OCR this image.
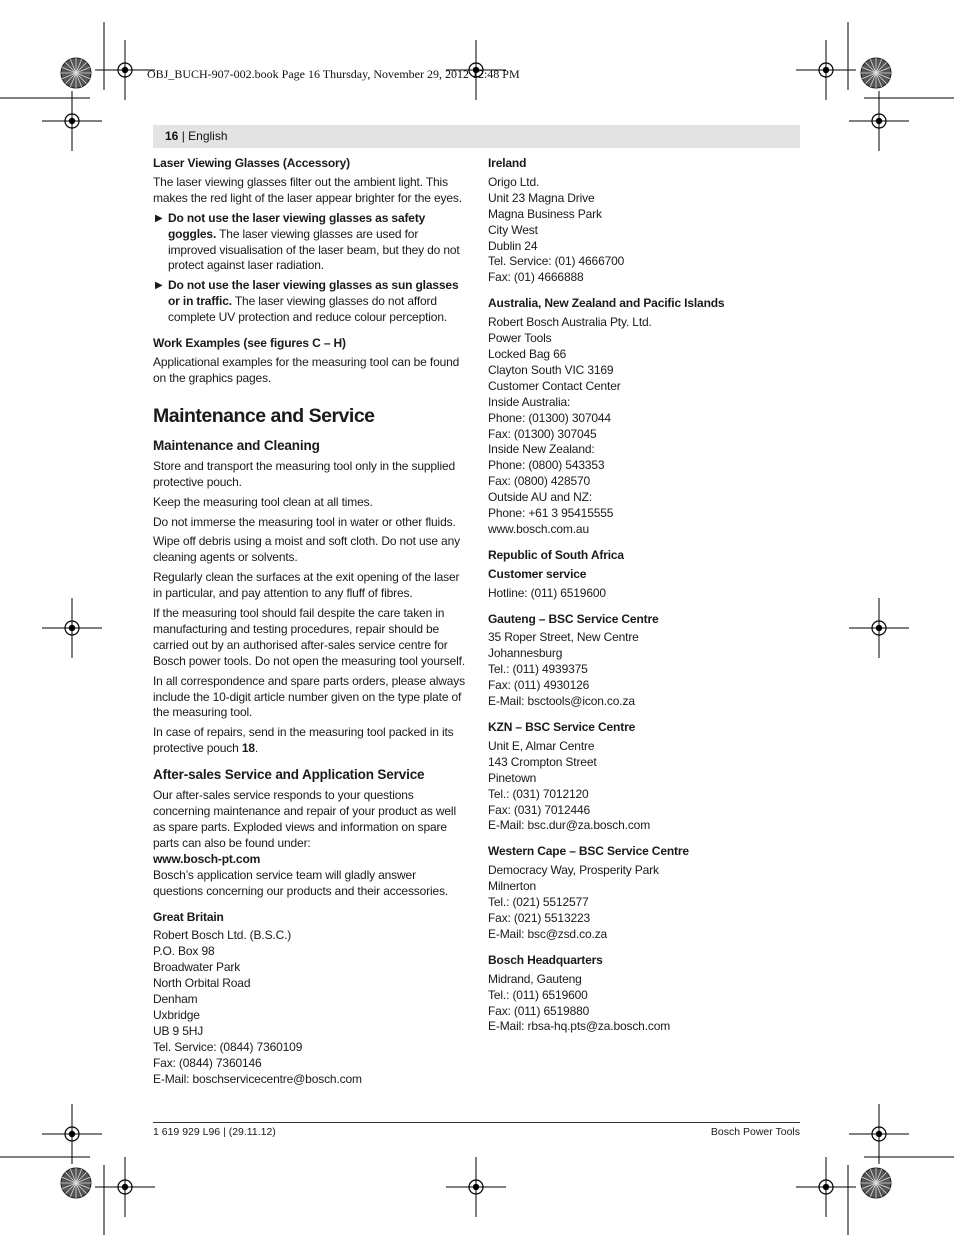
OBJ_BUCH-907-002.book Page 16 Thursday, November 29, 2012 12:48 PM
16 | English
Laser Viewing Glasses (Accessory)

The laser viewing glasses filter out the ambient light. This makes the red light of the laser appear brighter for the eyes.

▶ Do not use the laser viewing glasses as safety goggles. The laser viewing glasses are used for improved visualisation of the laser beam, but they do not protect against laser radiation.
▶ Do not use the laser viewing glasses as sun glasses or in traffic. The laser viewing glasses do not afford complete UV protection and reduce colour perception.
Work Examples (see figures C – H)

Applicational examples for the measuring tool can be found on the graphics pages.

Maintenance and Service
Maintenance and Cleaning

Store and transport the measuring tool only in the supplied protective pouch.

Keep the measuring tool clean at all times.

Do not immerse the measuring tool in water or other fluids.

Wipe off debris using a moist and soft cloth. Do not use any cleaning agents or solvents.

Regularly clean the surfaces at the exit opening of the laser in particular, and pay attention to any fluff of fibres.

If the measuring tool should fail despite the care taken in manufacturing and testing procedures, repair should be carried out by an authorised after-sales service centre for Bosch power tools. Do not open the measuring tool yourself.

In all correspondence and spare parts orders, please always include the 10-digit article number given on the type plate of the measuring tool.

In case of repairs, send in the measuring tool packed in its protective pouch 18.

After-sales Service and Application Service
Our after-sales service responds to your questions concerning maintenance and repair of your product as well as spare parts. Exploded views and information on spare parts can also be found under:
www.bosch-pt.com

Bosch’s application service team will gladly answer questions concerning our products and their accessories.

Great Britain
Robert Bosch Ltd. (B.S.C.)
P.O. Box 98
Broadwater Park
North Orbital Road
Denham
Uxbridge
UB 9 5HJ
Tel. Service: (0844) 7360109
Fax: (0844) 7360146
E-Mail: boschservicecentre@bosch.com
Ireland
Origo Ltd.
Unit 23 Magna Drive
Magna Business Park
City West
Dublin 24
Tel. Service: (01) 4666700
Fax: (01) 4666888
Australia, New Zealand and Pacific Islands
Robert Bosch Australia Pty. Ltd.
Power Tools
Locked Bag 66
Clayton South VIC 3169
Customer Contact Center
Inside Australia:
Phone: (01300) 307044
Fax: (01300) 307045
Inside New Zealand:
Phone: (0800) 543353
Fax: (0800) 428570
Outside AU and NZ:
Phone: +61 3 95415555
www.bosch.com.au
Republic of South Africa
Customer service
Hotline: (011) 6519600
Gauteng – BSC Service Centre
35 Roper Street, New Centre
Johannesburg
Tel.: (011) 4939375
Fax: (011) 4930126
E-Mail: bsctools@icon.co.za
KZN – BSC Service Centre
Unit E, Almar Centre
143 Crompton Street
Pinetown
Tel.: (031) 7012120
Fax: (031) 7012446
E-Mail: bsc.dur@za.bosch.com
Western Cape – BSC Service Centre
Democracy Way, Prosperity Park
Milnerton
Tel.: (021) 5512577
Fax: (021) 5513223
E-Mail: bsc@zsd.co.za
Bosch Headquarters
Midrand, Gauteng
Tel.: (011) 6519600
Fax: (011) 6519880
E-Mail: rbsa-hq.pts@za.bosch.com
1 619 929 L96 | (29.11.12)	Bosch Power Tools
